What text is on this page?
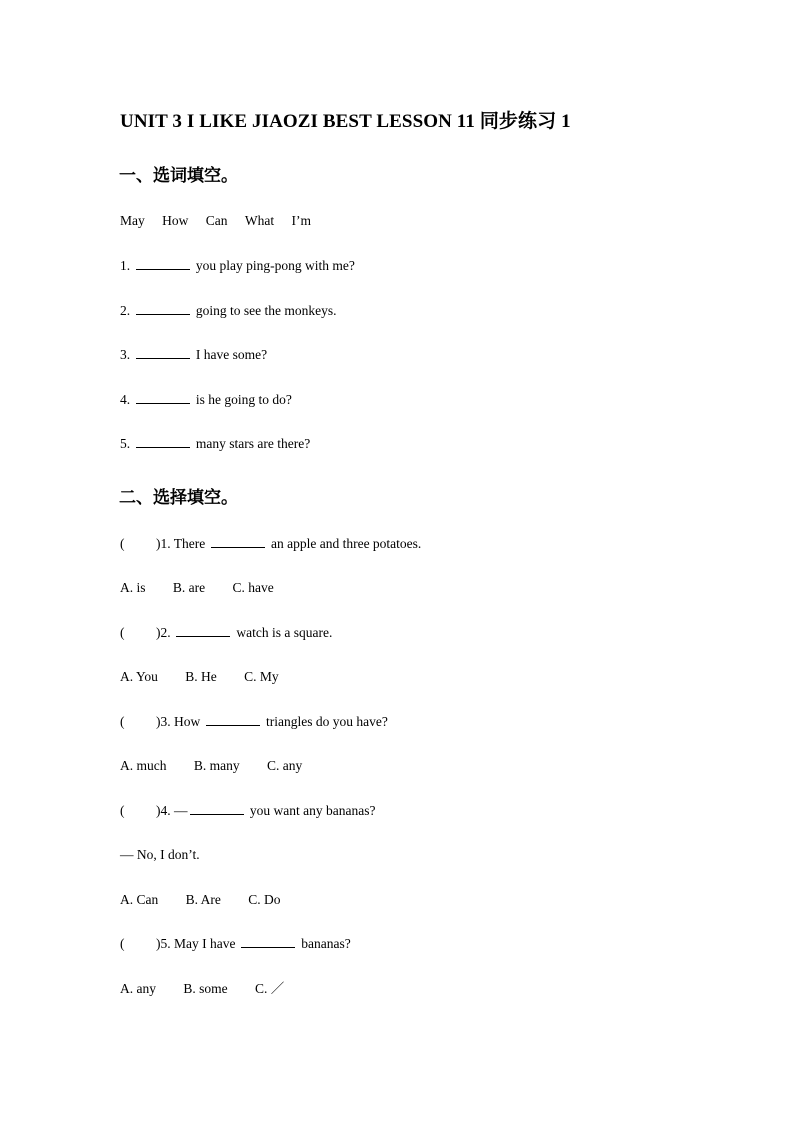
UNIT 3 I LIKE JIAOZI BEST LESSON 11 同步练习 1
一、选词填空。
May How Can What I’m
1.	you play ping-pong with me?
2.	going to see the monkeys.
3.	I have some?
4.	is he going to do?
5.	many stars are there?
二、选择填空。
( )1. There	an apple and three potatoes.
A. is B. are C. have
( )2.	watch is a square.
A. You B. He C. My
( )3. How	triangles do you have?
A. much B. many C. any
( )4. —	you want any bananas?
— No, I don’t.
A. Can B. Are C. Do
( )5. May I have	bananas?
A. any B. some C. ／
